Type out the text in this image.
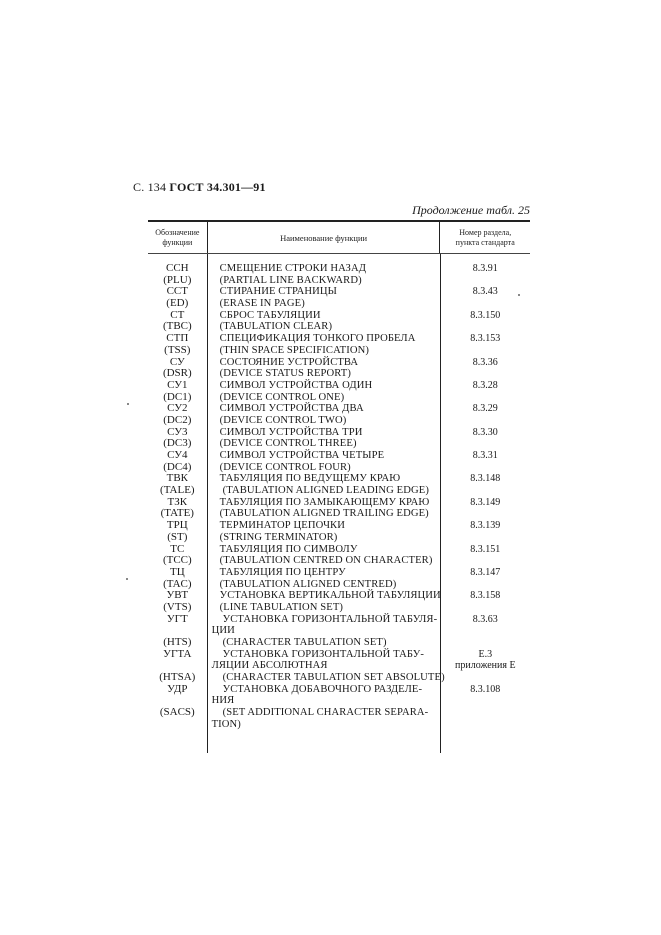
С. 134 ГОСТ 34.301—91
Продолжение табл. 25
Обозначение
функции	Наименование функции
Номер раздела,
пункта стандарта
ССН
(PLU)
ССТ
(ED)
СТ
(TBC)
СТП
(TSS)
СУ
(DSR)
СУ1
(DC1)
СУ2
(DC2)
СУ3
(DC3)
СУ4
(DC4)
ТВК
(TALE)
ТЗК
(TATE)
ТРЦ
(ST)
ТС
(TCC)
ТЦ
(TAC)
УВТ
(VTS)
УГТ
(HTS)
УГТА
(HTSA)
УДР
(SACS)
СМЕЩЕНИЕ СТРОКИ НАЗАД
(PARTIAL LINE BACKWARD)
СТИРАНИЕ СТРАНИЦЫ
(ERASE IN PAGE)
СБРОС ТАБУЛЯЦИИ
(TABULATION CLEAR)
СПЕЦИФИКАЦИЯ ТОНКОГО ПРОБЕЛА
(THIN SPACE SPECIFICATION)
СОСТОЯНИЕ УСТРОЙСТВА
(DEVICE STATUS REPORT)
СИМВОЛ УСТРОЙСТВА ОДИН
(DEVICE CONTROL ONE)
СИМВОЛ УСТРОЙСТВА ДВА
(DEVICE CONTROL TWO)
СИМВОЛ УСТРОЙСТВА ТРИ
(DEVICE CONTROL THREE)
СИМВОЛ УСТРОЙСТВА ЧЕТЫРЕ
(DEVICE CONTROL FOUR)
ТАБУЛЯЦИЯ ПО ВЕДУЩЕМУ КРАЮ
(TABULATION ALIGNED LEADING EDGE)
ТАБУЛЯЦИЯ ПО ЗАМЫКАЮЩЕМУ КРАЮ
(TABULATION ALIGNED TRAILING EDGE)
ТЕРМИНАТОР ЦЕПОЧКИ
(STRING TERMINATOR)
ТАБУЛЯЦИЯ ПО СИМВОЛУ
(TABULATION CENTRED ON CHARACTER)
ТАБУЛЯЦИЯ ПО ЦЕНТРУ
(TABULATION ALIGNED CENTRED)
УСТАНОВКА ВЕРТИКАЛЬНОЙ ТАБУЛЯЦИИ
(LINE TABULATION SET)
УСТАНОВКА ГОРИЗОНТАЛЬНОЙ ТАБУЛЯ-
ЦИИ
(CHARACTER TABULATION SET)
УСТАНОВКА ГОРИЗОНТАЛЬНОЙ ТАБУ-
ЛЯЦИИ АБСОЛЮТНАЯ
(CHARACTER TABULATION SET ABSOLUTE)
УСТАНОВКА ДОБАВОЧНОГО РАЗДЕЛЕ-
НИЯ
(SET ADDITIONAL CHARACTER SEPARA-
TION)
8.3.91
8.3.43
8.3.150
8.3.153
8.3.36
8.3.28
8.3.29
8.3.30
8.3.31
8.3.148
8.3.149
8.3.139
8.3.151
8.3.147
8.3.158
8.3.63
Е.3
приложения Е
8.3.108
